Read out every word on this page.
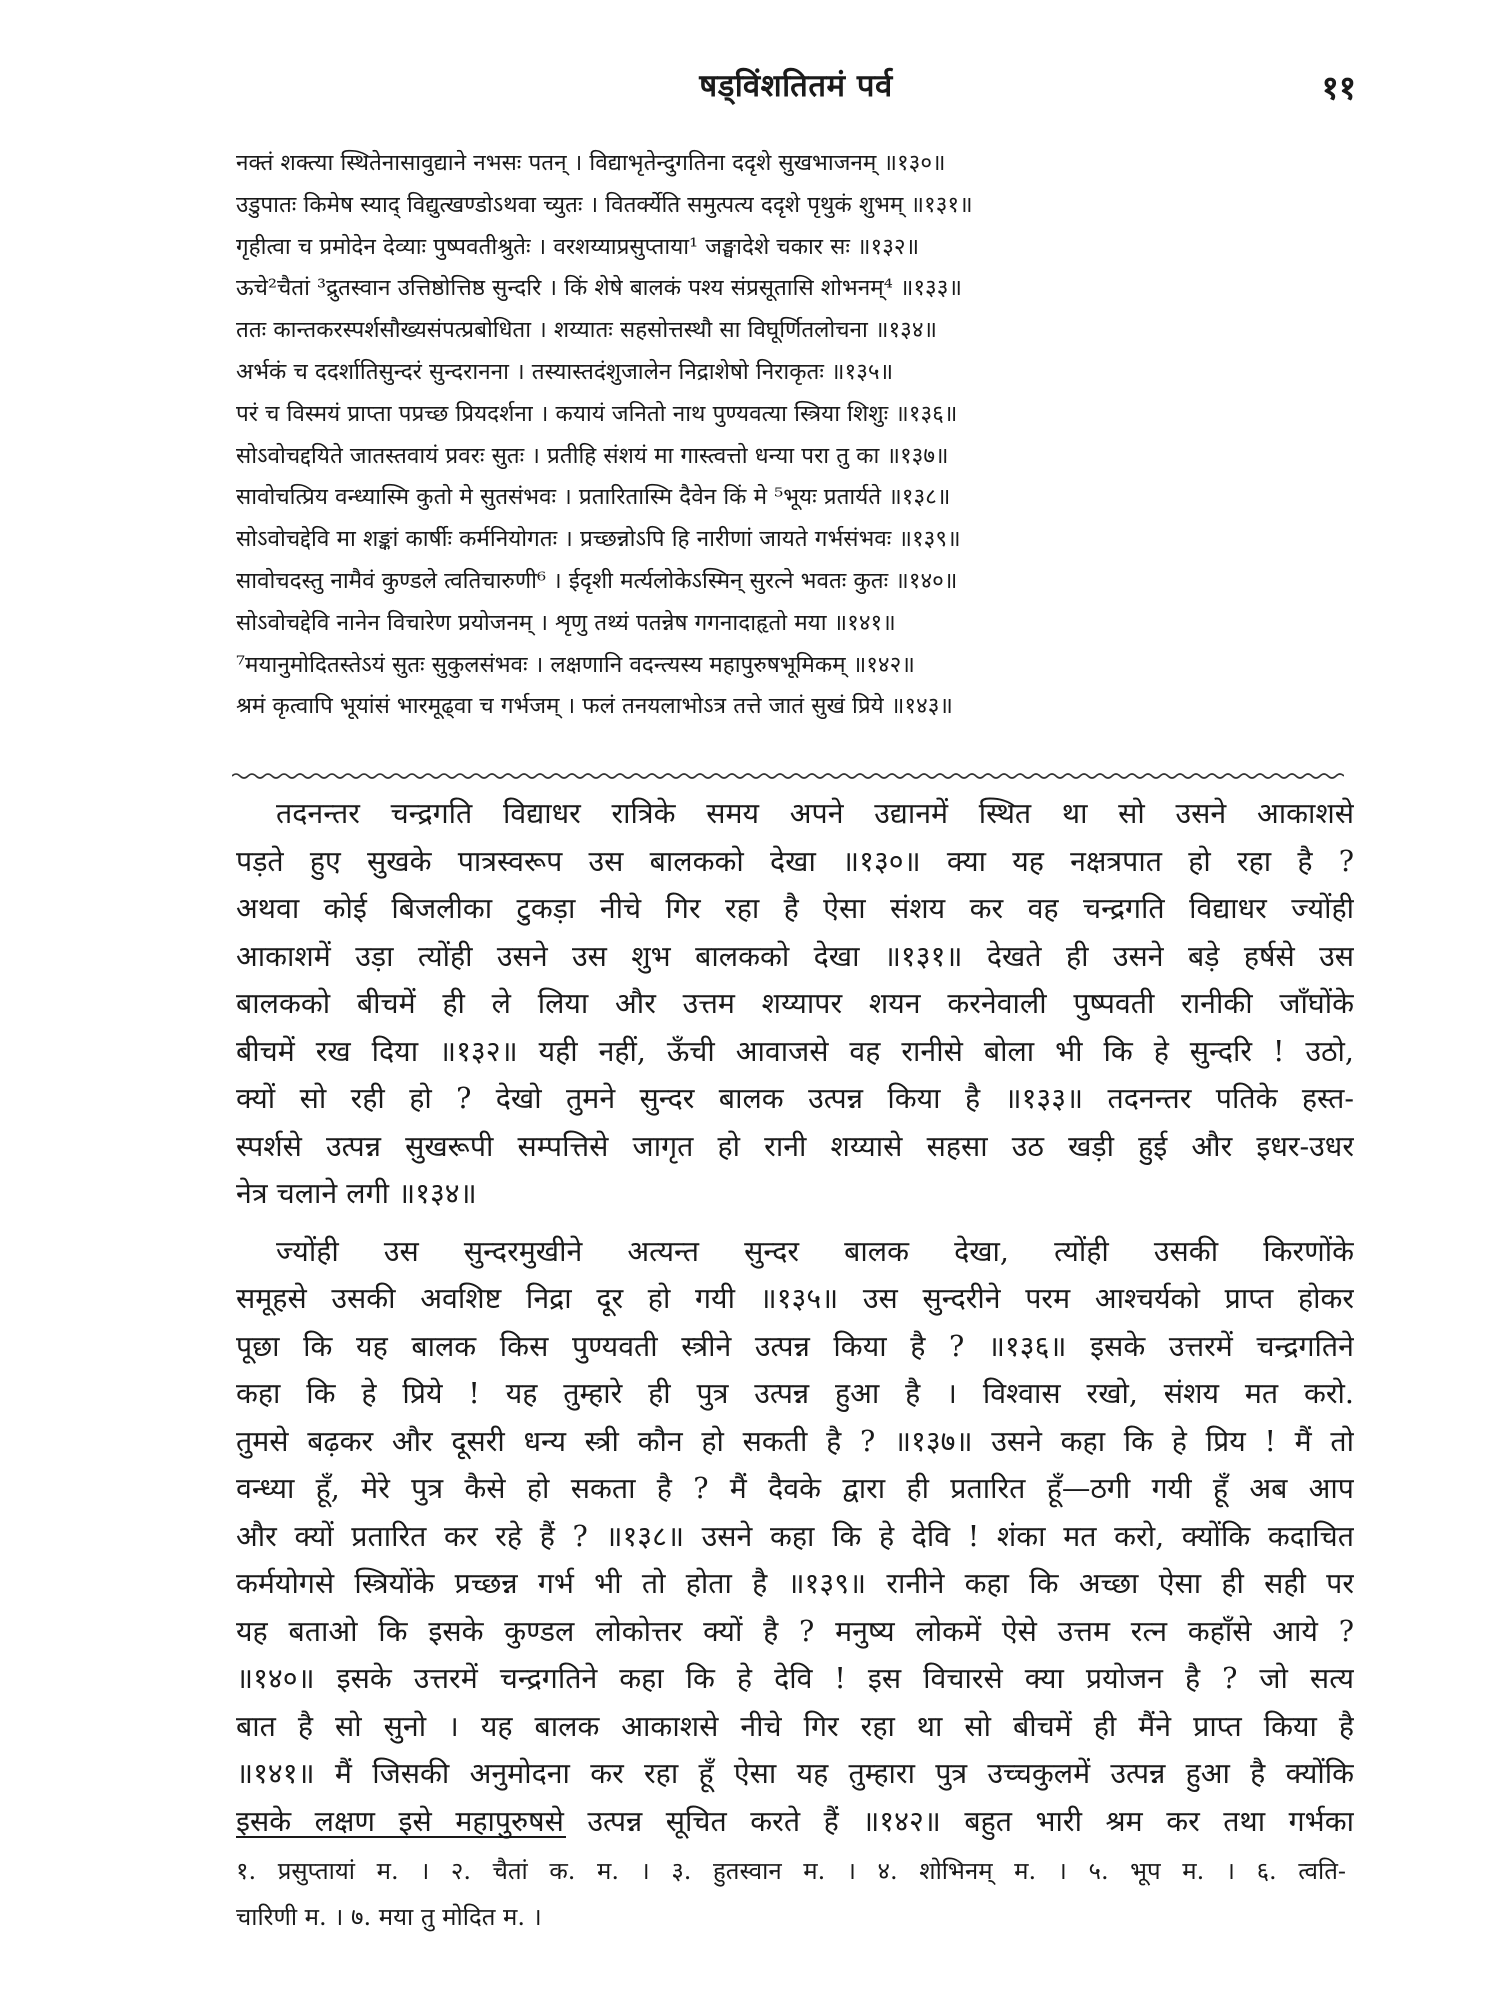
षड्विंशतितमं पर्व	११
नक्तं शक्त्या स्थितेनासावुद्याने नभसः पतन् । विद्याभृतेन्दुगतिना ददृशे सुखभाजनम् ॥१३०॥
उडुपातः किमेष स्याद् विद्युत्खण्डोऽथवा च्युतः । वितर्क्येति समुत्पत्य ददृशे पृथुकं शुभम् ॥१३१॥
गृहीत्वा च प्रमोदेन देव्याः पुष्पवतीश्रुतेः । वरशय्याप्रसुप्ताया¹ जङ्घादेशे चकार सः ॥१३२॥
ऊचे²चैतां ³द्रुतस्वान उत्तिष्ठोत्तिष्ठ सुन्दरि । किं शेषे बालकं पश्य संप्रसूतासि शोभनम्⁴ ॥१३३॥
ततः कान्तकरस्पर्शसौख्यसंपत्प्रबोधिता । शय्यातः सहसोत्तस्थौ सा विघूर्णितलोचना ॥१३४॥
अर्भकं च ददर्शातिसुन्दरं सुन्दरानना । तस्यास्तदंशुजालेन निद्राशेषो निराकृतः ॥१३५॥
परं च विस्मयं प्राप्ता पप्रच्छ प्रियदर्शना । कयायं जनितो नाथ पुण्यवत्या स्त्रिया शिशुः ॥१३६॥
सोऽवोचद्दयिते जातस्तवायं प्रवरः सुतः । प्रतीहि संशयं मा गास्त्वत्तो धन्या परा तु का ॥१३७॥
सावोचत्प्रिय वन्ध्यास्मि कुतो मे सुतसंभवः । प्रतारितास्मि दैवेन किं मे ⁵भूयः प्रतार्यते ॥१३८॥
सोऽवोचद्देवि मा शङ्कां कार्षीः कर्मनियोगतः । प्रच्छन्नोऽपि हि नारीणां जायते गर्भसंभवः ॥१३९॥
सावोचदस्तु नामैवं कुण्डले त्वतिचारुणी⁶ । ईदृशी मर्त्यलोकेऽस्मिन् सुरत्ने भवतः कुतः ॥१४०॥
सोऽवोचद्देवि नानेन विचारेण प्रयोजनम् । शृणु तथ्यं पतन्नेष गगनादाहृतो मया ॥१४१॥
⁷मयानुमोदितस्तेऽयं सुतः सुकुलसंभवः । लक्षणानि वदन्त्यस्य महापुरुषभूमिकम् ॥१४२॥
श्रमं कृत्वापि भूयांसं भारमूढ्वा च गर्भजम् । फलं तनयलाभोऽत्र तत्ते जातं सुखं प्रिये ॥१४३॥
तदनन्तर चन्द्रगति विद्याधर रात्रिके समय अपने उद्यानमें स्थित था सो उसने आकाशसे
पड़ते हुए सुखके पात्रस्वरूप उस बालकको देखा ॥१३०॥ क्या यह नक्षत्रपात हो रहा है ?
अथवा कोई बिजलीका टुकड़ा नीचे गिर रहा है ऐसा संशय कर वह चन्द्रगति विद्याधर ज्योंही
आकाशमें उड़ा त्योंही उसने उस शुभ बालकको देखा ॥१३१॥ देखते ही उसने बड़े हर्षसे उस
बालकको बीचमें ही ले लिया और उत्तम शय्यापर शयन करनेवाली पुष्पवती रानीकी जाँघोंके
बीचमें रख दिया ॥१३२॥ यही नहीं, ऊँची आवाजसे वह रानीसे बोला भी कि हे सुन्दरि ! उठो,
क्यों सो रही हो ? देखो तुमने सुन्दर बालक उत्पन्न किया है ॥१३३॥ तदनन्तर पतिके हस्त-
स्पर्शसे उत्पन्न सुखरूपी सम्पत्तिसे जागृत हो रानी शय्यासे सहसा उठ खड़ी हुई और इधर-उधर
नेत्र चलाने लगी ॥१३४॥
ज्योंही उस सुन्दरमुखीने अत्यन्त सुन्दर बालक देखा, त्योंही उसकी किरणोंके
समूहसे उसकी अवशिष्ट निद्रा दूर हो गयी ॥१३५॥ उस सुन्दरीने परम आश्चर्यको प्राप्त होकर
पूछा कि यह बालक किस पुण्यवती स्त्रीने उत्पन्न किया है ? ॥१३६॥ इसके उत्तरमें चन्द्रगतिने
कहा कि हे प्रिये ! यह तुम्हारे ही पुत्र उत्पन्न हुआ है । विश्वास रखो, संशय मत करो.
तुमसे बढ़कर और दूसरी धन्य स्त्री कौन हो सकती है ? ॥१३७॥ उसने कहा कि हे प्रिय ! मैं तो
वन्ध्या हूँ, मेरे पुत्र कैसे हो सकता है ? मैं दैवके द्वारा ही प्रतारित हूँ—ठगी गयी हूँ अब आप
और क्यों प्रतारित कर रहे हैं ? ॥१३८॥ उसने कहा कि हे देवि ! शंका मत करो, क्योंकि कदाचित
कर्मयोगसे स्त्रियोंके प्रच्छन्न गर्भ भी तो होता है ॥१३९॥ रानीने कहा कि अच्छा ऐसा ही सही पर
यह बताओ कि इसके कुण्डल लोकोत्तर क्यों है ? मनुष्य लोकमें ऐसे उत्तम रत्न कहाँसे आये ?
॥१४०॥ इसके उत्तरमें चन्द्रगतिने कहा कि हे देवि ! इस विचारसे क्या प्रयोजन है ? जो सत्य
बात है सो सुनो । यह बालक आकाशसे नीचे गिर रहा था सो बीचमें ही मैंने प्राप्त किया है
॥१४१॥ मैं जिसकी अनुमोदना कर रहा हूँ ऐसा यह तुम्हारा पुत्र उच्चकुलमें उत्पन्न हुआ है क्योंकि
इसके लक्षण इसे महापुरुषसे उत्पन्न सूचित करते हैं ॥१४२॥ बहुत भारी श्रम कर तथा गर्भका
१. प्रसुप्तायां म. । २. चैतां क. म. । ३. हुतस्वान म. । ४. शोभिनम् म. । ५. भूप म. । ६. त्वति-
चारिणी म. । ७. मया तु मोदित म. ।
